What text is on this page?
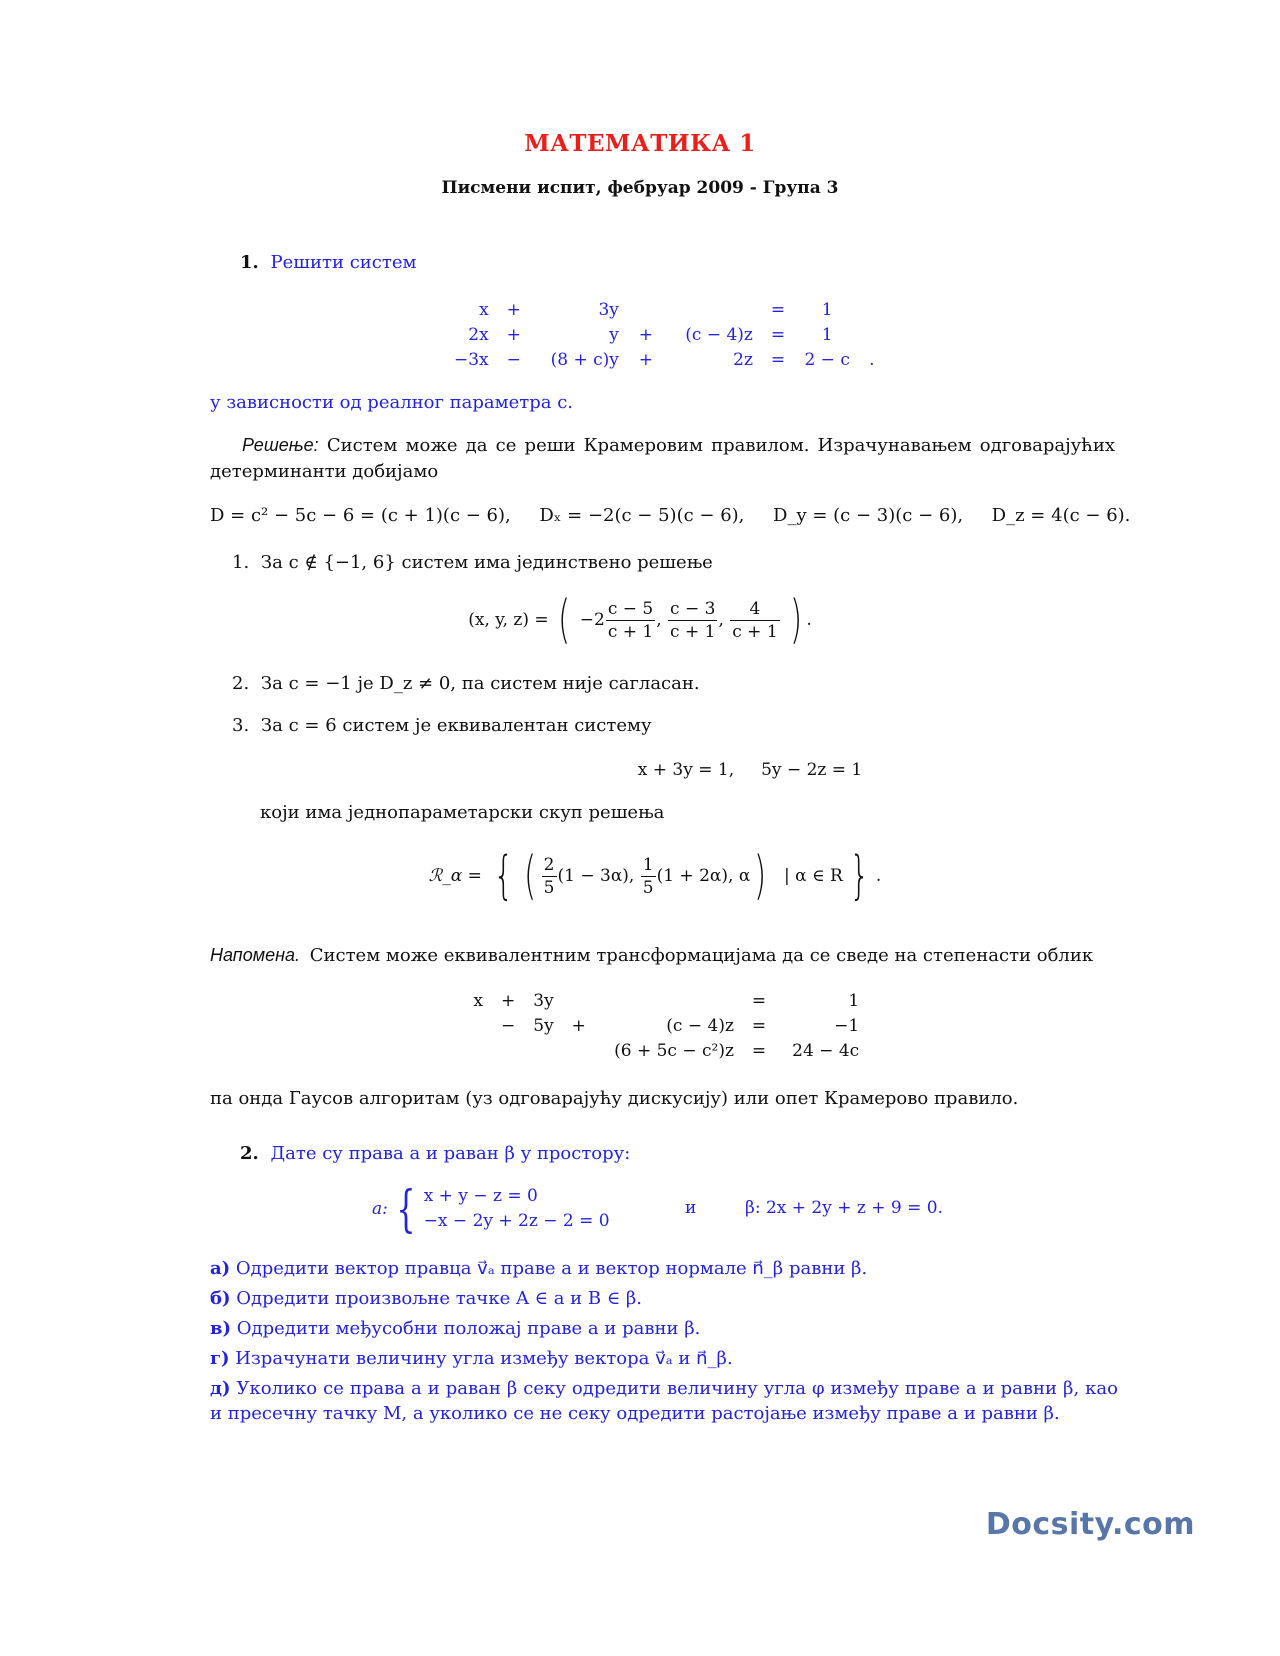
МАТЕМАТИКА 1
Писмени испит, фебруар 2009 - Група 3
1. Решити систем
x	+	3y			=	1	
2x	+	y	+	(c − 4)z	=	1	
−3x	−	(8 + c)y	+	2z	=	2 − c	.
у зависности од реалног параметра c.
Решење: Систем може да се реши Крамеровим правилом. Израчунавањем одговарајућих детерминанти добијамо
D = c² − 5c − 6 = (c + 1)(c − 6),     Dₓ = −2(c − 5)(c − 6),     D_y = (c − 3)(c − 6),     D_z = 4(c − 6).
1. За c ∉ {−1, 6} систем има јединствено решење
(x, y, z) = ( $-2 \frac{c - 5}{c + 1}$ , $\frac{c - 3}{c + 1}$ , $\frac{4}{c + 1}$ ) .
2. За c = −1 је D_z ≠ 0, па систем није сагласан.
3. За c = 6 систем је еквивалентан систему
x + 3y = 1,     5y − 2z = 1
који има једнопараметарски скуп решења
ℛ_α = { ( $\frac{2}{5} (1 - 3\alpha)$, $\frac{1}{5} (1 + 2\alpha)$, α) | α ∈ R } .
Напомена. Систем може еквивалентним трансформацијама да се сведе на степенасти облик
x	+	3y			=	1
	−	5y	+	(c − 4)z	=	−1
				(6 + 5c − c²)z	=	24 − 4c
па онда Гаусов алгоритам (уз одговарајућу дискусију) или опет Крамерово правило.
2. Дате су права a и раван β у простору:
a: { x + y − z = 0
−x − 2y + 2z − 2 = 0
и	β: 2x + 2y + z + 9 = 0.
а) Одредити вектор правца v⃗ₐ праве a и вектор нормале n⃗_β равни β.
б) Одредити произвољне тачке A ∈ a и B ∈ β.
в) Одредити међусобни положај праве a и равни β.
г) Израчунати величину угла између вектора v⃗ₐ и n⃗_β.
д) Уколико се права a и раван β секу одредити величину угла φ између праве a и равни β, као и пресечну тачку M, а уколико се не секу одредити растојање између праве a и равни β.
Docsity.com
